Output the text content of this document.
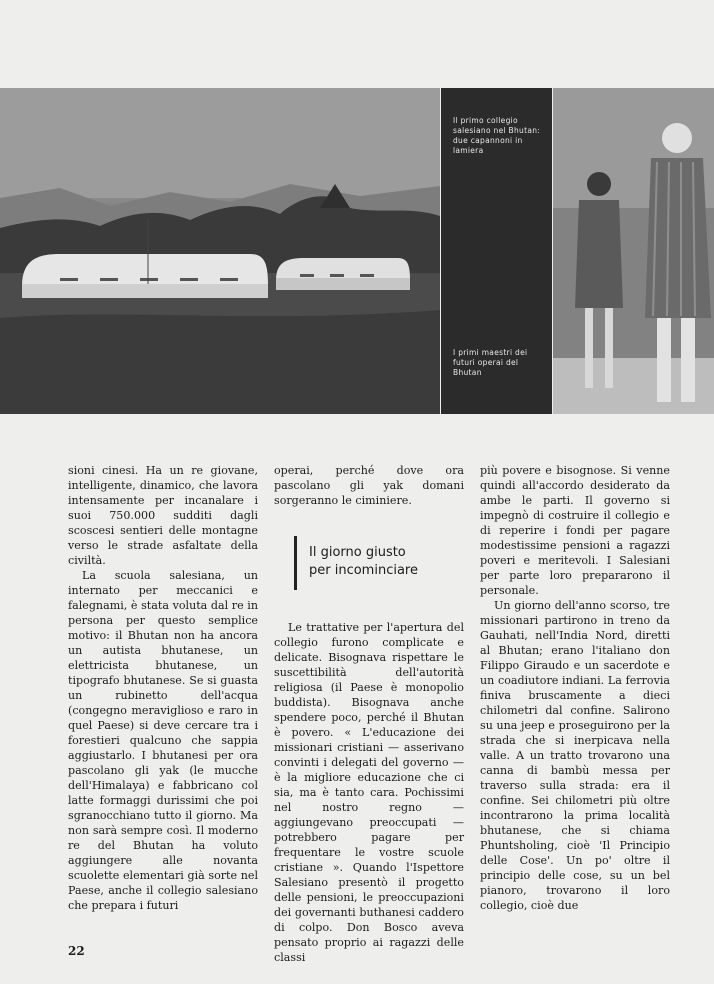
Il primo collegio salesiano nel Bhutan: due capannoni in lamiera
I primi maestri dei futuri operai del Bhutan

sioni cinesi. Ha un re giovane, intelligente, dinamico, che lavora intensamente per incanalare i suoi 750.000 sudditi dagli scoscesi sentieri delle montagne verso le strade asfaltate della civiltà.

La scuola salesiana, un internato per meccanici e falegnami, è stata voluta dal re in persona per questo semplice motivo: il Bhutan non ha ancora un autista bhutanese, un elettricista bhutanese, un tipografo bhutanese. Se si guasta un rubinetto dell'acqua (congegno meraviglioso e raro in quel Paese) si deve cercare tra i forestieri qualcuno che sappia aggiustarlo. I bhutanesi per ora pascolano gli yak (le mucche dell'Himalaya) e fabbricano col latte formaggi durissimi che poi sgranocchiano tutto il giorno. Ma non sarà sempre così. Il moderno re del Bhutan ha voluto aggiungere alle novanta scuolette elementari già sorte nel Paese, anche il collegio salesiano che prepara i futuri

operai, perché dove ora pascolano gli yak domani sorgeranno le ciminiere.

Il giorno giusto
per incominciare

Le trattative per l'apertura del collegio furono complicate e delicate. Bisognava rispettare le suscettibilità dell'autorità religiosa (il Paese è monopolio buddista). Bisognava anche spendere poco, perché il Bhutan è povero. « L'educazione dei missionari cristiani — asserivano convinti i delegati del governo — è la migliore educazione che ci sia, ma è tanto cara. Pochissimi nel nostro regno — aggiungevano preoccupati — potrebbero pagare per frequentare le vostre scuole cristiane ». Quando l'Ispettore Salesiano presentò il progetto delle pensioni, le preoccupazioni dei governanti buthanesi caddero di colpo. Don Bosco aveva pensato proprio ai ragazzi delle classi

più povere e bisognose. Si venne quindi all'accordo desiderato da ambe le parti. Il governo si impegnò di costruire il collegio e di reperire i fondi per pagare modestissime pensioni a ragazzi poveri e meritevoli. I Salesiani per parte loro prepararono il personale.

Un giorno dell'anno scorso, tre missionari partirono in treno da Gauhati, nell'India Nord, diretti al Bhutan; erano l'italiano don Filippo Giraudo e un sacerdote e un coadiutore indiani. La ferrovia finiva bruscamente a dieci chilometri dal confine. Salirono su una jeep e proseguirono per la strada che si inerpicava nella valle. A un tratto trovarono una canna di bambù messa per traverso sulla strada: era il confine. Sei chilometri più oltre incontrarono la prima località bhutanese, che si chiama Phuntsholing, cioè 'Il Principio delle Cose'. Un po' oltre il principio delle cose, su un bel pianoro, trovarono il loro collegio, cioè due

22
